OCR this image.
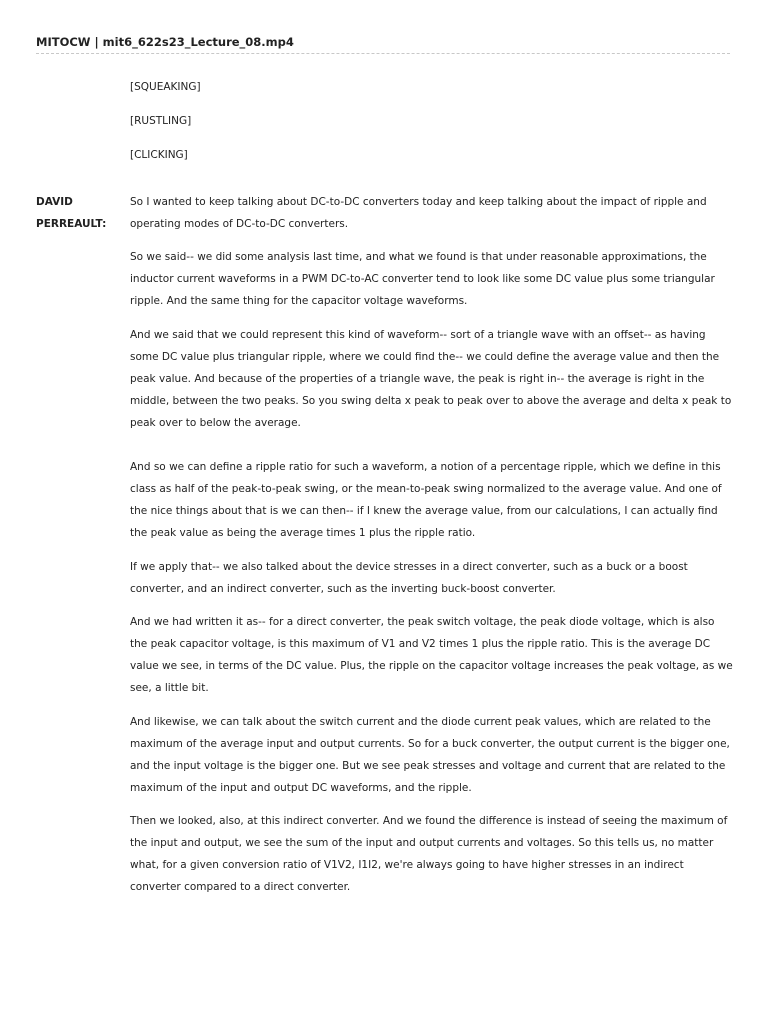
MITOCW | mit6_622s23_Lecture_08.mp4
[SQUEAKING]
[RUSTLING]
[CLICKING]
DAVID
PERREAULT:

So I wanted to keep talking about DC-to-DC converters today and keep talking about the impact of ripple and operating modes of DC-to-DC converters.

So we said-- we did some analysis last time, and what we found is that under reasonable approximations, the inductor current waveforms in a PWM DC-to-AC converter tend to look like some DC value plus some triangular ripple. And the same thing for the capacitor voltage waveforms.

And we said that we could represent this kind of waveform-- sort of a triangle wave with an offset-- as having some DC value plus triangular ripple, where we could find the-- we could define the average value and then the peak value. And because of the properties of a triangle wave, the peak is right in-- the average is right in the middle, between the two peaks. So you swing delta x peak to peak over to above the average and delta x peak to peak over to below the average.

And so we can define a ripple ratio for such a waveform, a notion of a percentage ripple, which we define in this class as half of the peak-to-peak swing, or the mean-to-peak swing normalized to the average value. And one of the nice things about that is we can then-- if I knew the average value, from our calculations, I can actually find the peak value as being the average times 1 plus the ripple ratio.

If we apply that-- we also talked about the device stresses in a direct converter, such as a buck or a boost converter, and an indirect converter, such as the inverting buck-boost converter.

And we had written it as-- for a direct converter, the peak switch voltage, the peak diode voltage, which is also the peak capacitor voltage, is this maximum of V1 and V2 times 1 plus the ripple ratio. This is the average DC value we see, in terms of the DC value. Plus, the ripple on the capacitor voltage increases the peak voltage, as we see, a little bit.

And likewise, we can talk about the switch current and the diode current peak values, which are related to the maximum of the average input and output currents. So for a buck converter, the output current is the bigger one, and the input voltage is the bigger one. But we see peak stresses and voltage and current that are related to the maximum of the input and output DC waveforms, and the ripple.

Then we looked, also, at this indirect converter. And we found the difference is instead of seeing the maximum of the input and output, we see the sum of the input and output currents and voltages. So this tells us, no matter what, for a given conversion ratio of V1V2, I1I2, we're always going to have higher stresses in an indirect converter compared to a direct converter.
